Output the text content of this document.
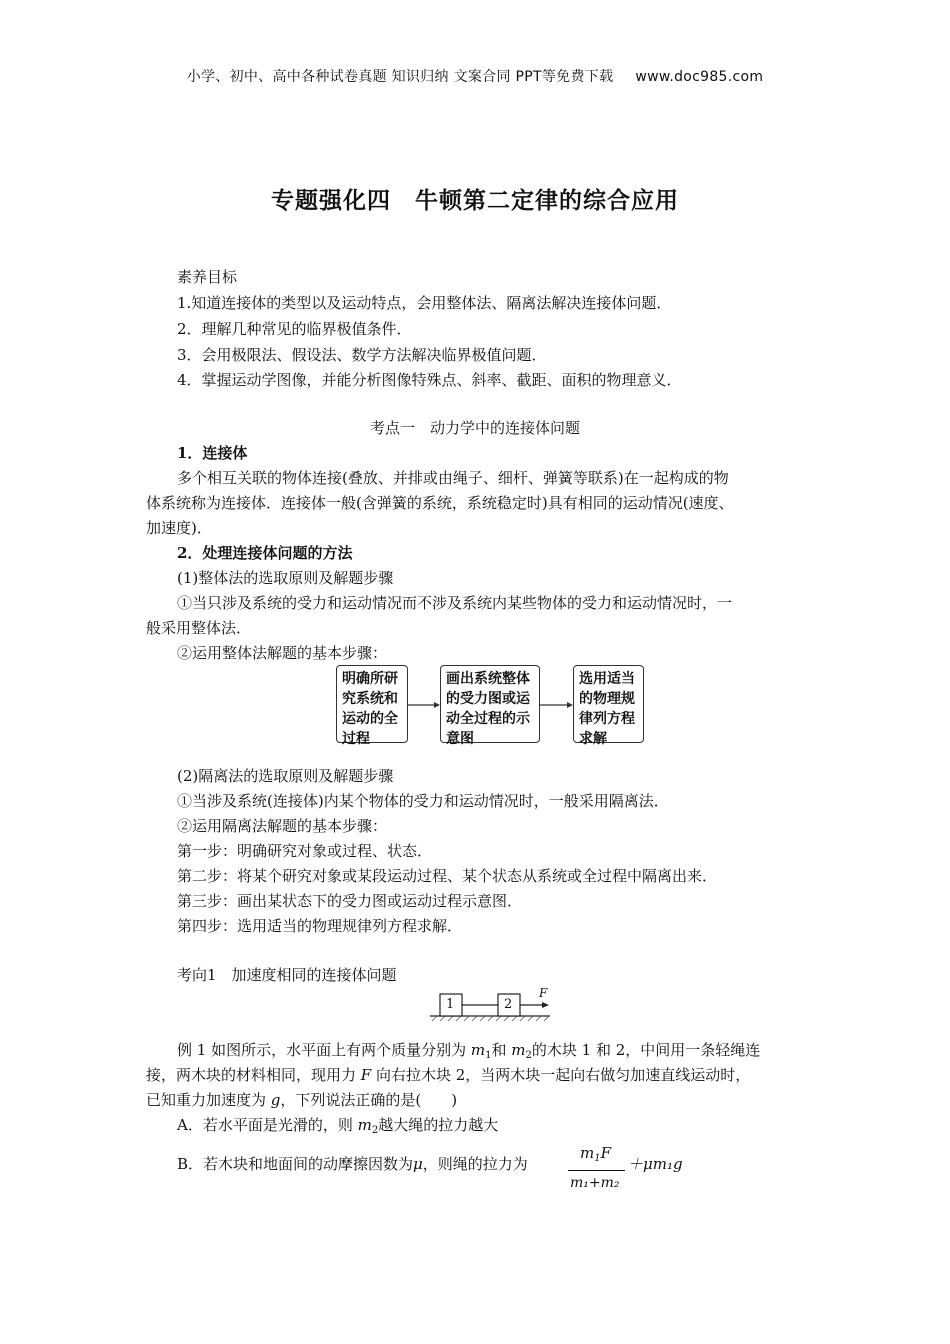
小学、初中、高中各种试卷真题 知识归纳 文案合同 PPT等免费下载 www.doc985.com
专题强化四　牛顿第二定律的综合应用
素养目标
1.知道连接体的类型以及运动特点，会用整体法、隔离法解决连接体问题．
2．理解几种常见的临界极值条件．
3．会用极限法、假设法、数学方法解决临界极值问题．
4．掌握运动学图像，并能分析图像特殊点、斜率、截距、面积的物理意义．
考点一　动力学中的连接体问题
1．连接体
多个相互关联的物体连接(叠放、并排或由绳子、细杆、弹簧等联系)在一起构成的物
体系统称为连接体．连接体一般(含弹簧的系统，系统稳定时)具有相同的运动情况(速度、
加速度)．
2．处理连接体问题的方法
(1)整体法的选取原则及解题步骤
①当只涉及系统的受力和运动情况而不涉及系统内某些物体的受力和运动情况时，一
般采用整体法．
②运用整体法解题的基本步骤：
明确所研
究系统和
运动的全
过程
画出系统整体
的受力图或运
动全过程的示
意图
选用适当
的物理规
律列方程
求解
(2)隔离法的选取原则及解题步骤
①当涉及系统(连接体)内某个物体的受力和运动情况时，一般采用隔离法．
②运用隔离法解题的基本步骤：
第一步：明确研究对象或过程、状态．
第二步：将某个研究对象或某段运动过程、某个状态从系统或全过程中隔离出来．
第三步：画出某状态下的受力图或运动过程示意图．
第四步：选用适当的物理规律列方程求解．
考向1　加速度相同的连接体问题
1	2
F
例 1 如图所示，水平面上有两个质量分别为 $m_1$和 $m_2$的木块 1 和 2，中间用一条轻绳连
接，两木块的材料相同，现用力 F 向右拉木块 2，当两木块一起向右做匀加速直线运动时，
已知重力加速度为 g，下列说法正确的是(　　)
A．若水平面是光滑的，则 $m_2$越大绳的拉力越大
B．若木块和地面间的动摩擦因数为μ，则绳的拉力为
$m_1F$
m₁+m₂
＋μm₁g
